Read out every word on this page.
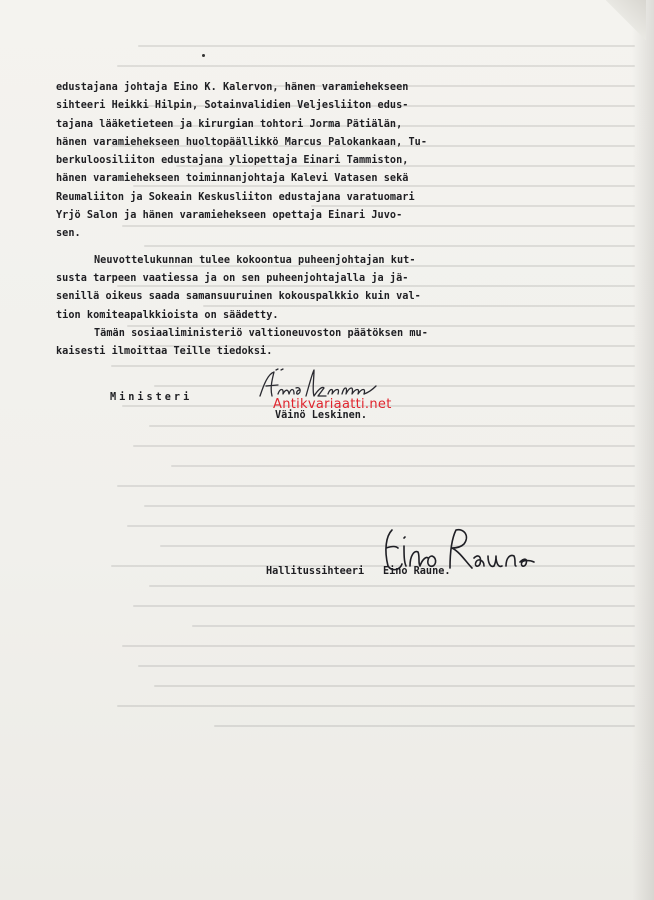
edustajana johtaja Eino K. Kalervon, hänen varamiehekseen
sihteeri Heikki Hilpin, Sotainvalidien Veljesliiton edus-
tajana lääketieteen ja kirurgian tohtori Jorma Pätiälän,
hänen varamiehekseen huoltopäällikkö Marcus Palokankaan, Tu-
berkuloosiliiton edustajana yliopettaja Einari Tammiston,
hänen varamiehekseen toiminnanjohtaja Kalevi Vatasen sekä
Reumaliiton ja Sokeain Keskusliiton edustajana varatuomari
Yrjö Salon ja hänen varamiehekseen opettaja Einari Juvo-
sen.
Neuvottelukunnan tulee kokoontua puheenjohtajan kut-
susta tarpeen vaatiessa ja on sen puheenjohtajalla ja jä-
senillä oikeus saada samansuuruinen kokouspalkkio kuin val-
tion komiteapalkkioista on säädetty.
Tämän sosiaaliministeriö valtioneuvoston päätöksen mu-
kaisesti ilmoittaa Teille tiedoksi.
Ministeri
Väinö Leskinen.
Antikvariaatti.net
Hallitussihteeri Eino Raune.
